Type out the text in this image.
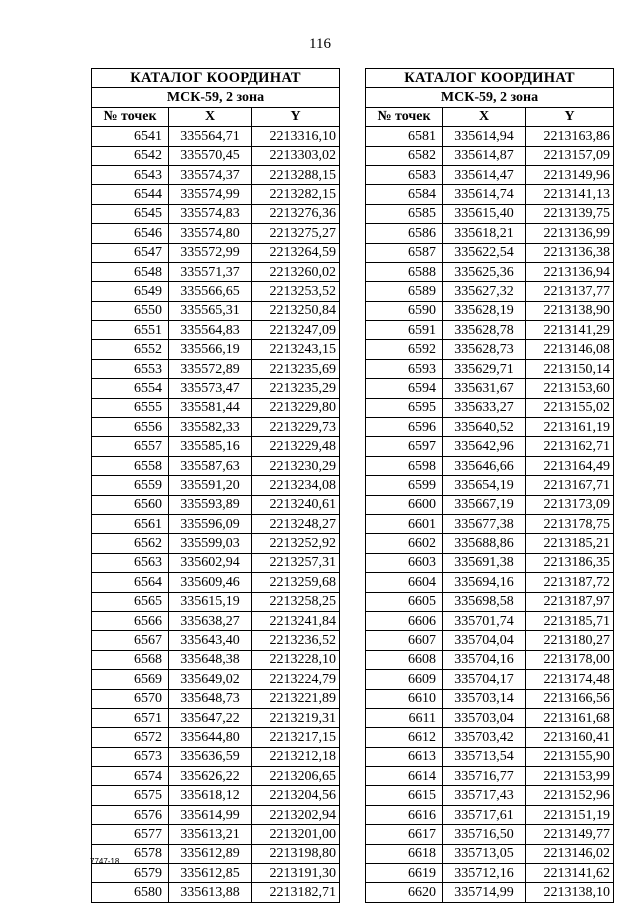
116
КАТАЛОГ КООРДИНАТ		
МСК-59, 2 зона		
№ точек	X	Y
6541	335564,71	2213316,10
6542	335570,45	2213303,02
6543	335574,37	2213288,15
6544	335574,99	2213282,15
6545	335574,83	2213276,36
6546	335574,80	2213275,27
6547	335572,99	2213264,59
6548	335571,37	2213260,02
6549	335566,65	2213253,52
6550	335565,31	2213250,84
6551	335564,83	2213247,09
6552	335566,19	2213243,15
6553	335572,89	2213235,69
6554	335573,47	2213235,29
6555	335581,44	2213229,80
6556	335582,33	2213229,73
6557	335585,16	2213229,48
6558	335587,63	2213230,29
6559	335591,20	2213234,08
6560	335593,89	2213240,61
6561	335596,09	2213248,27
6562	335599,03	2213252,92
6563	335602,94	2213257,31
6564	335609,46	2213259,68
6565	335615,19	2213258,25
6566	335638,27	2213241,84
6567	335643,40	2213236,52
6568	335648,38	2213228,10
6569	335649,02	2213224,79
6570	335648,73	2213221,89
6571	335647,22	2213219,31
6572	335644,80	2213217,15
6573	335636,59	2213212,18
6574	335626,22	2213206,65
6575	335618,12	2213204,56
6576	335614,99	2213202,94
6577	335613,21	2213201,00
6578	335612,89	2213198,80
6579	335612,85	2213191,30
6580	335613,88	2213182,71
КАТАЛОГ КООРДИНАТ		
МСК-59, 2 зона		
№ точек	X	Y
6581	335614,94	2213163,86
6582	335614,87	2213157,09
6583	335614,47	2213149,96
6584	335614,74	2213141,13
6585	335615,40	2213139,75
6586	335618,21	2213136,99
6587	335622,54	2213136,38
6588	335625,36	2213136,94
6589	335627,32	2213137,77
6590	335628,19	2213138,90
6591	335628,78	2213141,29
6592	335628,73	2213146,08
6593	335629,71	2213150,14
6594	335631,67	2213153,60
6595	335633,27	2213155,02
6596	335640,52	2213161,19
6597	335642,96	2213162,71
6598	335646,66	2213164,49
6599	335654,19	2213167,71
6600	335667,19	2213173,09
6601	335677,38	2213178,75
6602	335688,86	2213185,21
6603	335691,38	2213186,35
6604	335694,16	2213187,72
6605	335698,58	2213187,97
6606	335701,74	2213185,71
6607	335704,04	2213180,27
6608	335704,16	2213178,00
6609	335704,17	2213174,48
6610	335703,14	2213166,56
6611	335703,04	2213161,68
6612	335703,42	2213160,41
6613	335713,54	2213155,90
6614	335716,77	2213153,99
6615	335717,43	2213152,96
6616	335717,61	2213151,19
6617	335716,50	2213149,77
6618	335713,05	2213146,02
6619	335712,16	2213141,62
6620	335714,99	2213138,10
7747-18
